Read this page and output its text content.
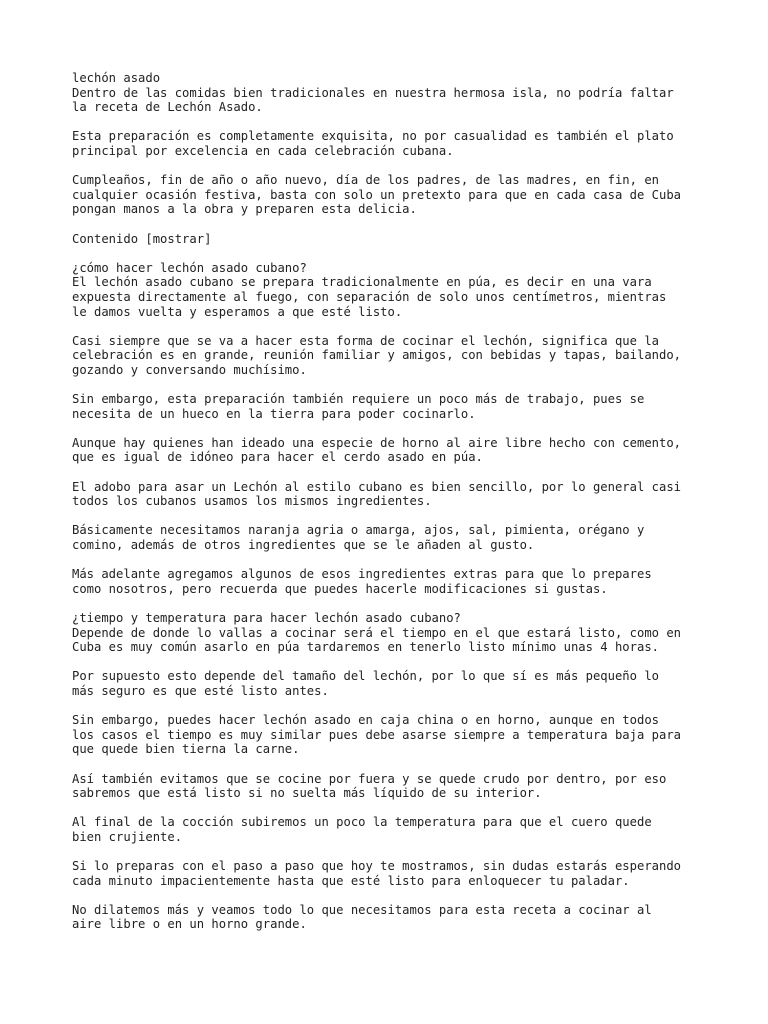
lechón asado
Dentro de las comidas bien tradicionales en nuestra hermosa isla, no podría faltar
la receta de Lechón Asado.
Esta preparación es completamente exquisita, no por casualidad es también el plato
principal por excelencia en cada celebración cubana.
Cumpleaños, fin de año o año nuevo, día de los padres, de las madres, en fin, en
cualquier ocasión festiva, basta con solo un pretexto para que en cada casa de Cuba
pongan manos a la obra y preparen esta delicia.
Contenido [mostrar]
¿cómo hacer lechón asado cubano?
El lechón asado cubano se prepara tradicionalmente en púa, es decir en una vara
expuesta directamente al fuego, con separación de solo unos centímetros, mientras
le damos vuelta y esperamos a que esté listo.
Casi siempre que se va a hacer esta forma de cocinar el lechón, significa que la
celebración es en grande, reunión familiar y amigos, con bebidas y tapas, bailando,
gozando y conversando muchísimo.
Sin embargo, esta preparación también requiere un poco más de trabajo, pues se
necesita de un hueco en la tierra para poder cocinarlo.
Aunque hay quienes han ideado una especie de horno al aire libre hecho con cemento,
que es igual de idóneo para hacer el cerdo asado en púa.
El adobo para asar un Lechón al estilo cubano es bien sencillo, por lo general casi
todos los cubanos usamos los mismos ingredientes.
Básicamente necesitamos naranja agria o amarga, ajos, sal, pimienta, orégano y
comino, además de otros ingredientes que se le añaden al gusto.
Más adelante agregamos algunos de esos ingredientes extras para que lo prepares
como nosotros, pero recuerda que puedes hacerle modificaciones si gustas.
¿tiempo y temperatura para hacer lechón asado cubano?
Depende de donde lo vallas a cocinar será el tiempo en el que estará listo, como en
Cuba es muy común asarlo en púa tardaremos en tenerlo listo mínimo unas 4 horas.
Por supuesto esto depende del tamaño del lechón, por lo que sí es más pequeño lo
más seguro es que esté listo antes.
Sin embargo, puedes hacer lechón asado en caja china o en horno, aunque en todos
los casos el tiempo es muy similar pues debe asarse siempre a temperatura baja para
que quede bien tierna la carne.
Así también evitamos que se cocine por fuera y se quede crudo por dentro, por eso
sabremos que está listo si no suelta más líquido de su interior.
Al final de la cocción subiremos un poco la temperatura para que el cuero quede
bien crujiente.
Si lo preparas con el paso a paso que hoy te mostramos, sin dudas estarás esperando
cada minuto impacientemente hasta que esté listo para enloquecer tu paladar.
No dilatemos más y veamos todo lo que necesitamos para esta receta a cocinar al
aire libre o en un horno grande.
